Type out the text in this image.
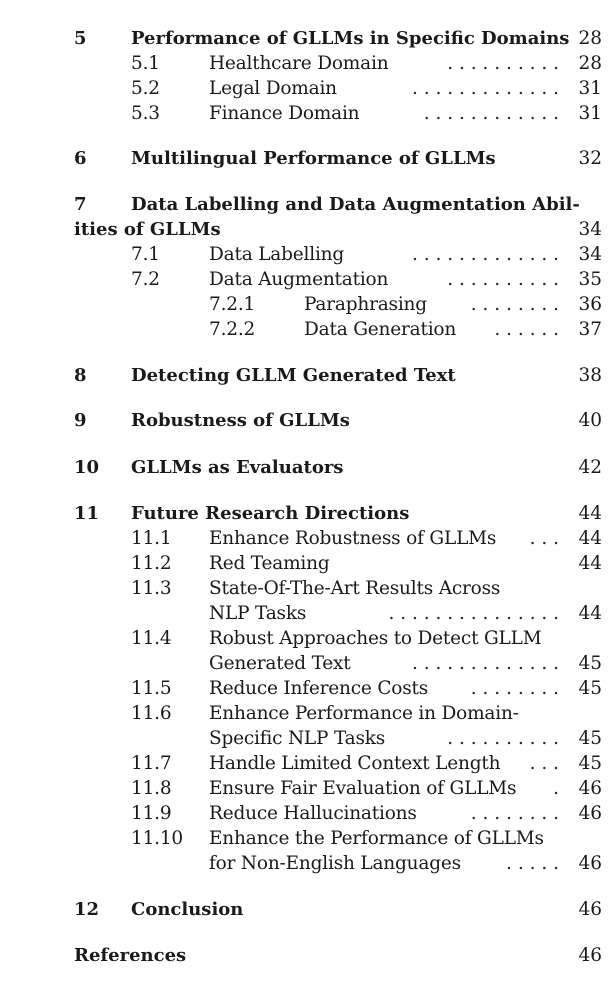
5 Performance of GLLMs in Specific Domains 28
5.1	Healthcare Domain	. . . . . . . . . . 28
5.2	Legal Domain	. . . . . . . . . . . . . 31
5.3	Finance Domain	. . . . . . . . . . . . 31
6 Multilingual Performance of GLLMs	32
7 Data Labelling and Data Augmentation Abil-
ities of GLLMs	34
7.1	Data Labelling	. . . . . . . . . . . . . 34
7.2	Data Augmentation	. . . . . . . . . . 35
7.2.1	Paraphrasing	. . . . . . . . 36
7.2.2	Data Generation	. . . . . . 37
8 Detecting GLLM Generated Text	38
9 Robustness of GLLMs	40
10 GLLMs as Evaluators	42
11 Future Research Directions	44
11.1 Enhance Robustness of GLLMs	. . . 44
11.2 Red Teaming	44
11.3 State-Of-The-Art Results Across
NLP Tasks	. . . . . . . . . . . . . . . 44
11.4 Robust Approaches to Detect GLLM
Generated Text	. . . . . . . . . . . . . 45
11.5 Reduce Inference Costs	. . . . . . . . 45
11.6 Enhance Performance in Domain-
Specific NLP Tasks	. . . . . . . . . . 45
11.7 Handle Limited Context Length	. . . 45
11.8 Ensure Fair Evaluation of GLLMs	. 46
11.9 Reduce Hallucinations	. . . . . . . . 46
11.10 Enhance the Performance of GLLMs
for Non-English Languages	. . . . . 46
12 Conclusion	46
References	46
